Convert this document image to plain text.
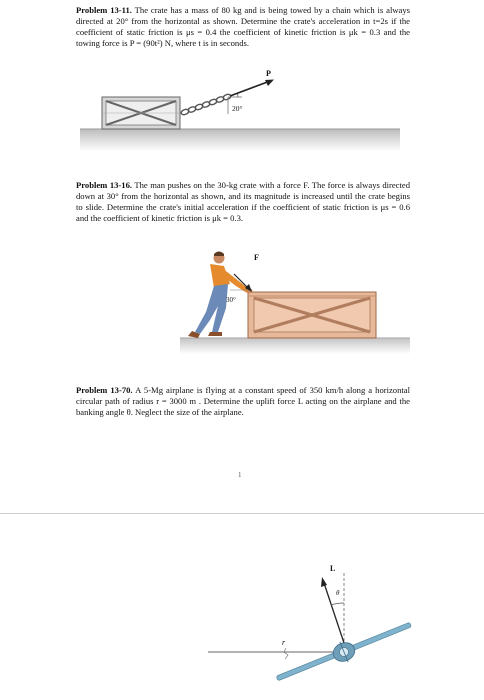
Problem 13-11. The crate has a mass of 80 kg and is being towed by a chain which is always directed at 20° from the horizontal as shown. Determine the crate's acceleration in t=2s if the coefficient of static friction is μs = 0.4 the coefficient of kinetic friction is μk = 0.3 and the towing force is P = (90t²) N, where t is in seconds.

20°
P

Problem 13-16. The man pushes on the 30-kg crate with a force F. The force is always directed down at 30° from the horizontal as shown, and its magnitude is increased until the crate begins to slide. Determine the crate's initial acceleration if the coefficient of static friction is μs = 0.6 and the coefficient of kinetic friction is μk = 0.3.

F
30°

Problem 13-70. A 5-Mg airplane is flying at a constant speed of 350 km/h along a horizontal circular path of radius r = 3000 m . Determine the uplift force L acting on the airplane and the banking angle θ. Neglect the size of the airplane.

1
r
L
θ
